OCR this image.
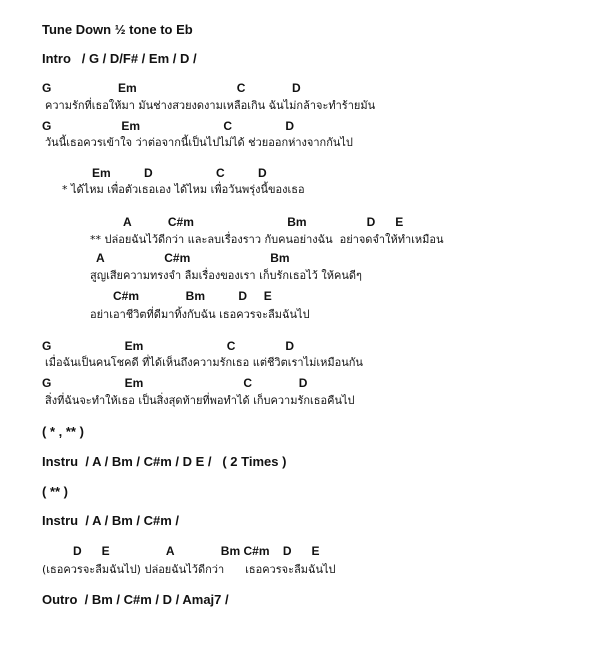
Tune Down ½ tone to Eb
Intro   / G / D/F# / Em / D /
G                    Em                              C              D
ความรักที่เธอให้มา มันช่างสวยงดงามเหลือเกิน ฉันไม่กล้าจะทำร้ายมัน
G                     Em                         C                D
วันนี้เธอควรเข้าใจ ว่าต่อจากนี้เป็นไปไม่ได้ ช่วยออกห่างจากกันไป
Em          D                   C          D
* ได้ไหม เพื่อตัวเธอเอง ได้ไหม เพื่อวันพรุ่งนี้ของเธอ
A           C#m                            Bm                  D      E
** ปล่อยฉันไว้ดีกว่า และลบเรื่องราว กับคนอย่างฉัน  อย่าจดจำให้ทำเหมือน
A                  C#m                        Bm
สูญเสียความทรงจำ ลืมเรื่องของเรา เก็บรักเธอไว้ ให้คนดีๆ
C#m              Bm          D     E
อย่าเอาชีวิตที่ดีมาทิ้งกับฉัน เธอควรจะลืมฉันไป
G                      Em                         C               D
เมื่อฉันเป็นคนโชคดี ที่ได้เห็นถึงความรักเธอ แต่ชีวิตเราไม่เหมือนกัน
G                      Em                              C              D
สิ่งที่ฉันจะทำให้เธอ เป็นสิ่งสุดท้ายที่พอทำได้ เก็บความรักเธอคืนไป
( * , ** )
Instru  / A / Bm / C#m / D E /   ( 2 Times )
( ** )
Instru  / A / Bm / C#m /
D      E                 A              Bm C#m    D      E
(เธอควรจะลืมฉันไป) ปล่อยฉันไว้ดีกว่า      เธอควรจะลืมฉันไป
Outro  / Bm / C#m / D / Amaj7 /
